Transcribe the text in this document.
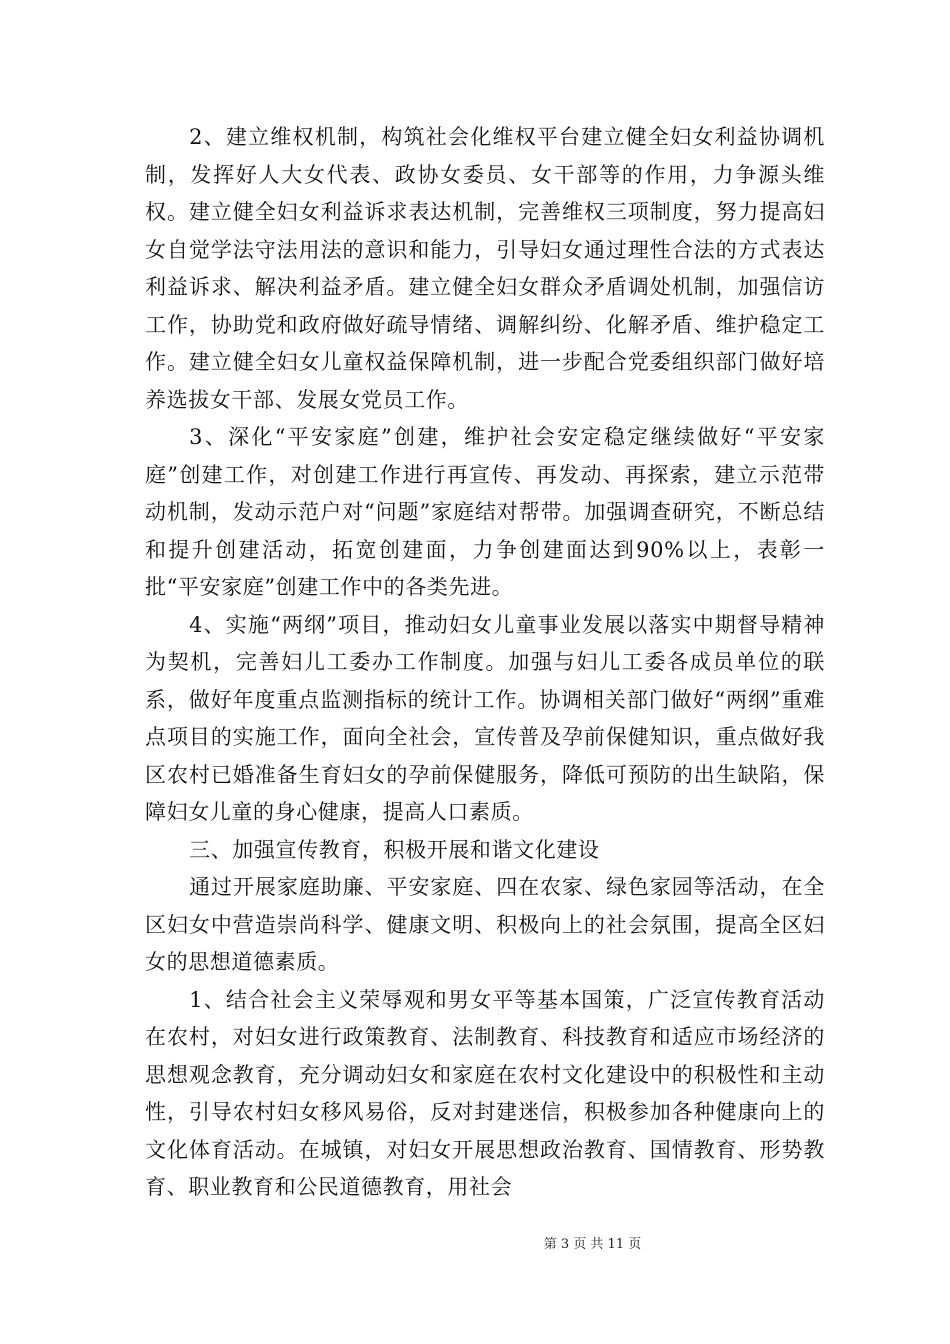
2、建立维权机制，构筑社会化维权平台建立健全妇女利益协调机制，发挥好人大女代表、政协女委员、女干部等的作用，力争源头维权。建立健全妇女利益诉求表达机制，完善维权三项制度，努力提高妇女自觉学法守法用法的意识和能力，引导妇女通过理性合法的方式表达利益诉求、解决利益矛盾。建立健全妇女群众矛盾调处机制，加强信访工作，协助党和政府做好疏导情绪、调解纠纷、化解矛盾、维护稳定工作。建立健全妇女儿童权益保障机制，进一步配合党委组织部门做好培养选拔女干部、发展女党员工作。

3、深化“平安家庭”创建，维护社会安定稳定继续做好“平安家庭”创建工作，对创建工作进行再宣传、再发动、再探索，建立示范带动机制，发动示范户对“问题”家庭结对帮带。加强调查研究，不断总结和提升创建活动，拓宽创建面，力争创建面达到90%以上，表彰一批“平安家庭”创建工作中的各类先进。

4、实施“两纲”项目，推动妇女儿童事业发展以落实中期督导精神为契机，完善妇儿工委办工作制度。加强与妇儿工委各成员单位的联系，做好年度重点监测指标的统计工作。协调相关部门做好“两纲”重难点项目的实施工作，面向全社会，宣传普及孕前保健知识，重点做好我区农村已婚准备生育妇女的孕前保健服务，降低可预防的出生缺陷，保障妇女儿童的身心健康，提高人口素质。

三、加强宣传教育，积极开展和谐文化建设

通过开展家庭助廉、平安家庭、四在农家、绿色家园等活动，在全区妇女中营造崇尚科学、健康文明、积极向上的社会氛围，提高全区妇女的思想道德素质。

1、结合社会主义荣辱观和男女平等基本国策，广泛宣传教育活动在农村，对妇女进行政策教育、法制教育、科技教育和适应市场经济的思想观念教育，充分调动妇女和家庭在农村文化建设中的积极性和主动性，引导农村妇女移风易俗，反对封建迷信，积极参加各种健康向上的文化体育活动。在城镇，对妇女开展思想政治教育、国情教育、形势教育、职业教育和公民道德教育，用社会

第 3 页 共 11 页
